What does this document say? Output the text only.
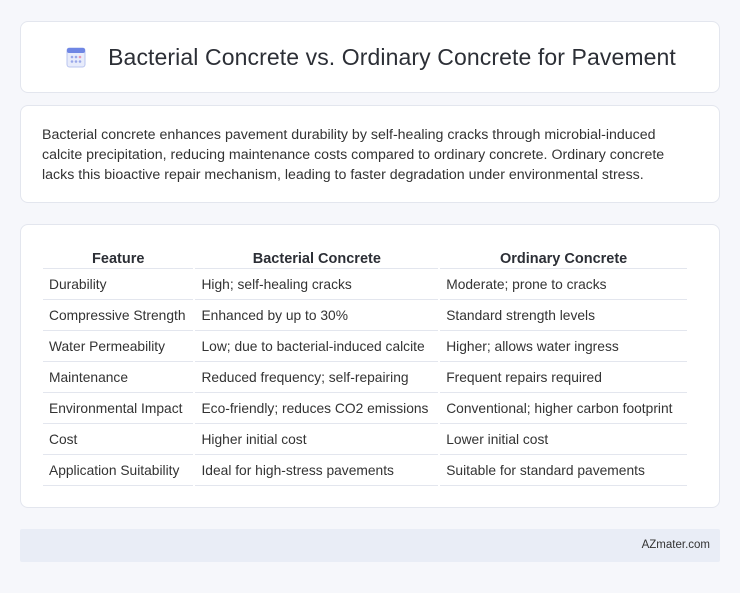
Bacterial Concrete vs. Ordinary Concrete for Pavement

Bacterial concrete enhances pavement durability by self-healing cracks through microbial-induced calcite precipitation, reducing maintenance costs compared to ordinary concrete. Ordinary concrete lacks this bioactive repair mechanism, leading to faster degradation under environmental stress.

Feature	Bacterial Concrete	Ordinary Concrete
Durability	High; self-healing cracks	Moderate; prone to cracks
Compressive Strength	Enhanced by up to 30%	Standard strength levels
Water Permeability	Low; due to bacterial-induced calcite	Higher; allows water ingress
Maintenance	Reduced frequency; self-repairing	Frequent repairs required
Environmental Impact	Eco-friendly; reduces CO2 emissions	Conventional; higher carbon footprint
Cost	Higher initial cost	Lower initial cost
Application Suitability	Ideal for high-stress pavements	Suitable for standard pavements
AZmater.com
